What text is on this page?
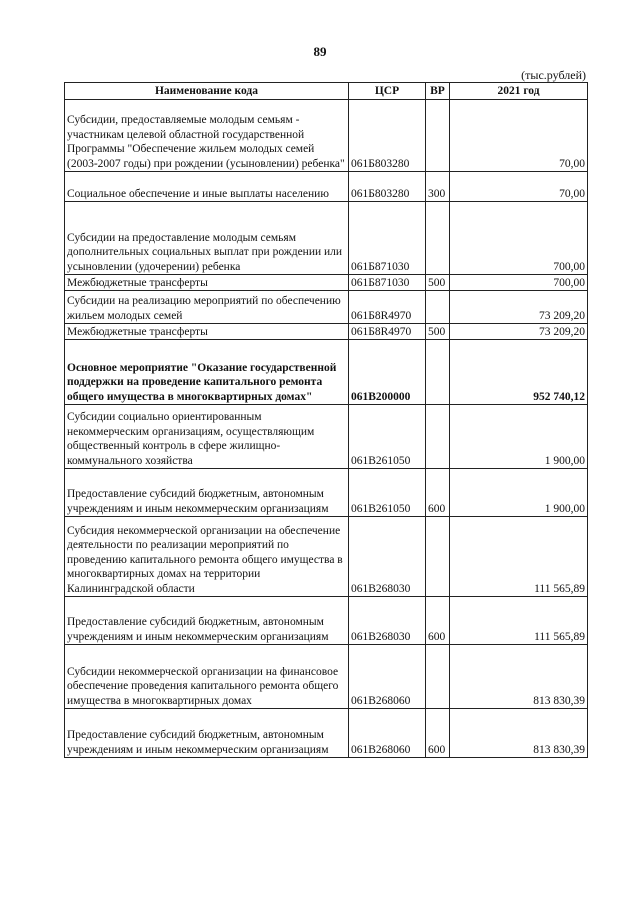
89
(тыс.рублей)
Наименование кода	ЦСР	ВР	2021 год
Субсидии, предоставляемые молодым семьям - участникам целевой областной государственной Программы "Обеспечение жильем молодых семей (2003-2007 годы) при рождении (усыновлении) ребенка"	061Б803280		70,00
Социальное обеспечение и иные выплаты населению	061Б803280	300	70,00
Субсидии на предоставление молодым семьям дополнительных социальных выплат при рождении или усыновлении (удочерении) ребенка	061Б871030		700,00
Межбюджетные трансферты	061Б871030	500	700,00
Субсидии на реализацию мероприятий по обеспечению жильем молодых семей	061Б8R4970		73 209,20
Межбюджетные трансферты	061Б8R4970	500	73 209,20
Основное мероприятие "Оказание государственной поддержки на проведение капитального ремонта общего имущества в многоквартирных домах"	061В200000		952 740,12
Субсидии социально ориентированным некоммерческим организациям, осуществляющим общественный контроль в сфере жилищно-коммунального хозяйства	061В261050		1 900,00
Предоставление субсидий бюджетным, автономным учреждениям и иным некоммерческим организациям	061В261050	600	1 900,00
Субсидия некоммерческой организации на обеспечение деятельности по реализации мероприятий по проведению капитального ремонта общего имущества в многоквартирных домах на территории Калининградской области	061В268030		111 565,89
Предоставление субсидий бюджетным, автономным учреждениям и иным некоммерческим организациям	061В268030	600	111 565,89
Субсидии некоммерческой организации на финансовое обеспечение проведения капитального ремонта общего имущества в многоквартирных домах	061В268060		813 830,39
Предоставление субсидий бюджетным, автономным учреждениям и иным некоммерческим организациям	061В268060	600	813 830,39
